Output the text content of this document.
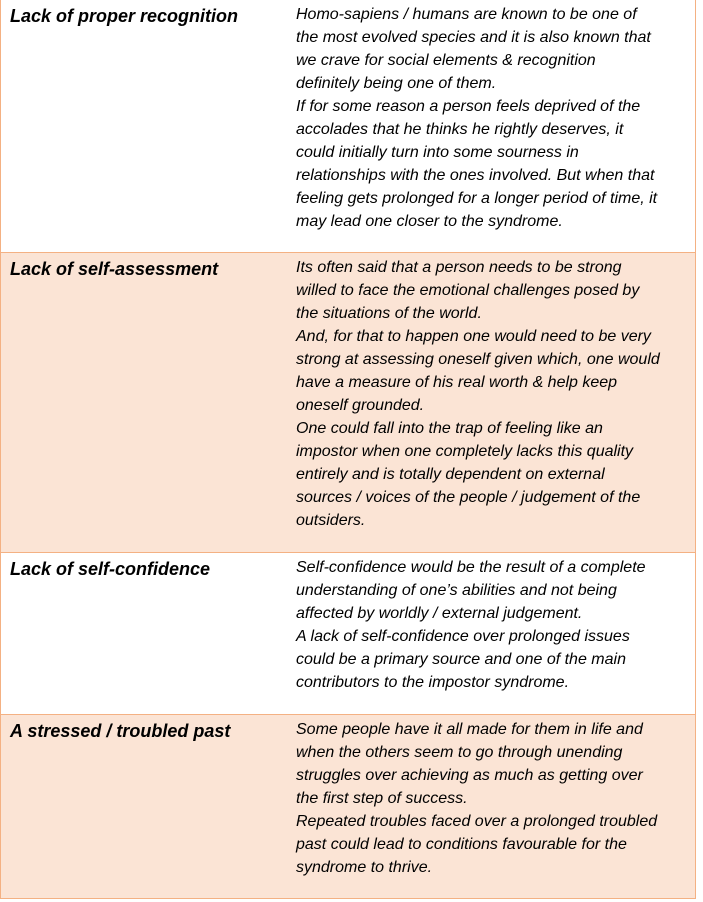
Lack of proper recognition	Homo-sapiens / humans are known to be one of

the most evolved species and it is also known that

we crave for social elements & recognition

definitely being one of them.

If for some reason a person feels deprived of the

accolades that he thinks he rightly deserves, it

could initially turn into some sourness in

relationships with the ones involved. But when that

feeling gets prolonged for a longer period of time, it

may lead one closer to the syndrome.

Lack of self-assessment	Its often said that a person needs to be strong

willed to face the emotional challenges posed by

the situations of the world.

And, for that to happen one would need to be very

strong at assessing oneself given which, one would

have a measure of his real worth & help keep

oneself grounded.

One could fall into the trap of feeling like an

impostor when one completely lacks this quality

entirely and is totally dependent on external

sources / voices of the people / judgement of the

outsiders.

Lack of self-confidence	Self-confidence would be the result of a complete

understanding of one’s abilities and not being

affected by worldly / external judgement.

A lack of self-confidence over prolonged issues

could be a primary source and one of the main

contributors to the impostor syndrome.

A stressed / troubled past	Some people have it all made for them in life and

when the others seem to go through unending

struggles over achieving as much as getting over

the first step of success.

Repeated troubles faced over a prolonged troubled

past could lead to conditions favourable for the

syndrome to thrive.
